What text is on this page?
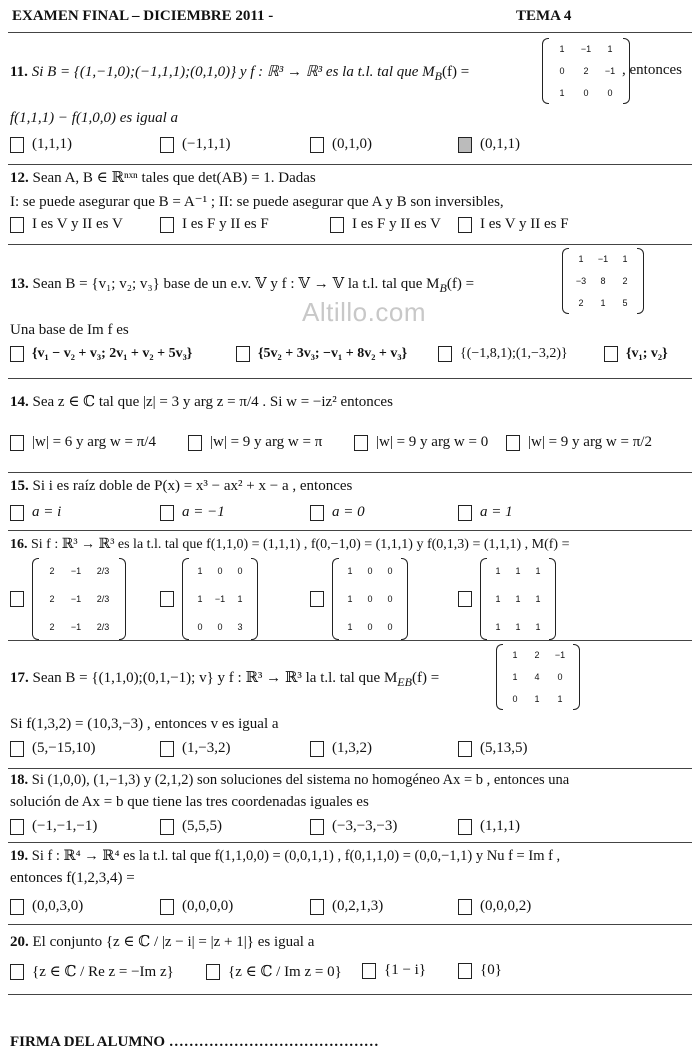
EXAMEN FINAL – DICIEMBRE 2011 -	TEMA 4
11. Si B = {(1,−1,0);(−1,1,1);(0,1,0)} y f : ℝ³ → ℝ³ es la t.l. tal que $M_B(f)$ =
1	−1	1
0	2	−1
1	0	0
, entonces
f(1,1,1) − f(1,0,0) es igual a
(1,1,1)	(−1,1,1)	(0,1,0)	(0,1,1)
12. Sean A, B ∈ ℝⁿˣⁿ tales que det(AB) = 1. Dadas
I: se puede asegurar que B = A⁻¹ ; II: se puede asegurar que A y B son inversibles,
I es V y II es V	I es F y II es F	I es F y II es V	I es V y II es F
13. Sean B = {v₁; v₂; v₃} base de un e.v. 𝕍 y f : 𝕍 → 𝕍 la t.l. tal que $M_B(f)$ =
1	−1	1
−3	8	2
2	1	5
Una base de Im f es
{v₁ − v₂ + v₃; 2v₁ + v₂ + 5v₃}	{5v₂ + 3v₃; −v₁ + 8v₂ + v₃}	{(−1,8,1);(1,−3,2)}	{v₁; v₂}
Altillo.com
14. Sea z ∈ ℂ tal que |z| = 3 y arg z = π/4 . Si w = −iz² entonces
|w| = 6 y arg w = π/4	|w| = 9 y arg w = π	|w| = 9 y arg w = 0	|w| = 9 y arg w = π/2
15. Si i es raíz doble de P(x) = x³ − ax² + x − a , entonces
a = i	a = −1	a = 0	a = 1
16. Si f : ℝ³ → ℝ³ es la t.l. tal que f(1,1,0) = (1,1,1) , f(0,−1,0) = (1,1,1) y f(0,1,3) = (1,1,1) , M(f) =
2	−1	2/3
2	−1	2/3
2	−1	2/3
1	0	0
1	−1	1
0	0	3
1	0	0
1	0	0
1	0	0
1	1	1
1	1	1
1	1	1
17. Sean B = {(1,1,0);(0,1,−1); v} y f : ℝ³ → ℝ³ la t.l. tal que $M_{EB}(f)$ =
1	2	−1
1	4	0
0	1	1
Si f(1,3,2) = (10,3,−3) , entonces v es igual a
(5,−15,10)	(1,−3,2)	(1,3,2)	(5,13,5)
18. Si (1,0,0), (1,−1,3) y (2,1,2) son soluciones del sistema no homogéneo Ax = b , entonces una
solución de Ax = b que tiene las tres coordenadas iguales es
(−1,−1,−1)	(5,5,5)	(−3,−3,−3)	(1,1,1)
19. Si f : ℝ⁴ → ℝ⁴ es la t.l. tal que f(1,1,0,0) = (0,0,1,1) , f(0,1,1,0) = (0,0,−1,1) y Nu f = Im f ,
entonces f(1,2,3,4) =
(0,0,3,0)	(0,0,0,0)	(0,2,1,3)	(0,0,0,2)
20. El conjunto {z ∈ ℂ / |z − i| = |z + 1|} es igual a
{z ∈ ℂ / Re z = −Im z}	{z ∈ ℂ / Im z = 0}	{1 − i}	{0}
FIRMA DEL ALUMNO ……………………………………
